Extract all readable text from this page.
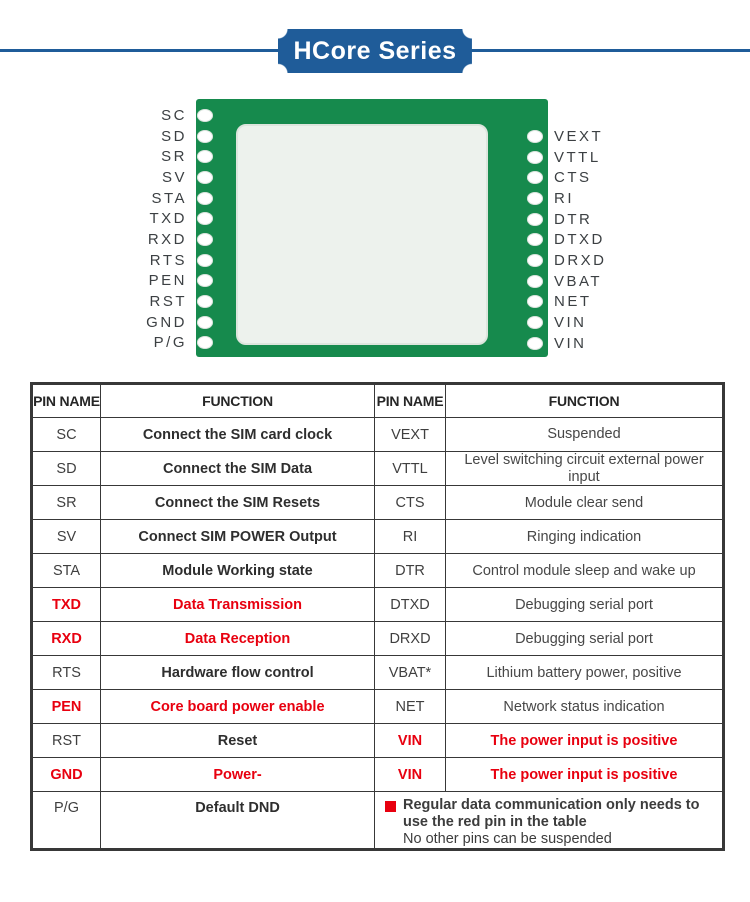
HCore Series
SC
SD
SR
SV
STA
TXD
RXD
RTS
PEN
RST
GND
P/G
VEXT
VTTL
CTS
RI
DTR
DTXD
DRXD
VBAT
NET
VIN
VIN
PIN NAME	FUNCTION	PIN NAME	FUNCTION
SC	Connect the SIM card clock	VEXT	Suspended
SD	Connect the SIM Data	VTTL	Level switching circuit external power input
SR	Connect the SIM Resets	CTS	Module clear send
SV	Connect SIM POWER Output	RI	Ringing indication
STA	Module Working state	DTR	Control module sleep and wake up
TXD	Data Transmission	DTXD	Debugging serial port
RXD	Data Reception	DRXD	Debugging serial port
RTS	Hardware flow control	VBAT*	Lithium battery power, positive
PEN	Core board power enable	NET	Network status indication
RST	Reset	VIN	The power input is positive
GND	Power-	VIN	The power input is positive
P/G	Default DND	Regular data communication only needs to
use the red pin in the table
No other pins can be suspended	
